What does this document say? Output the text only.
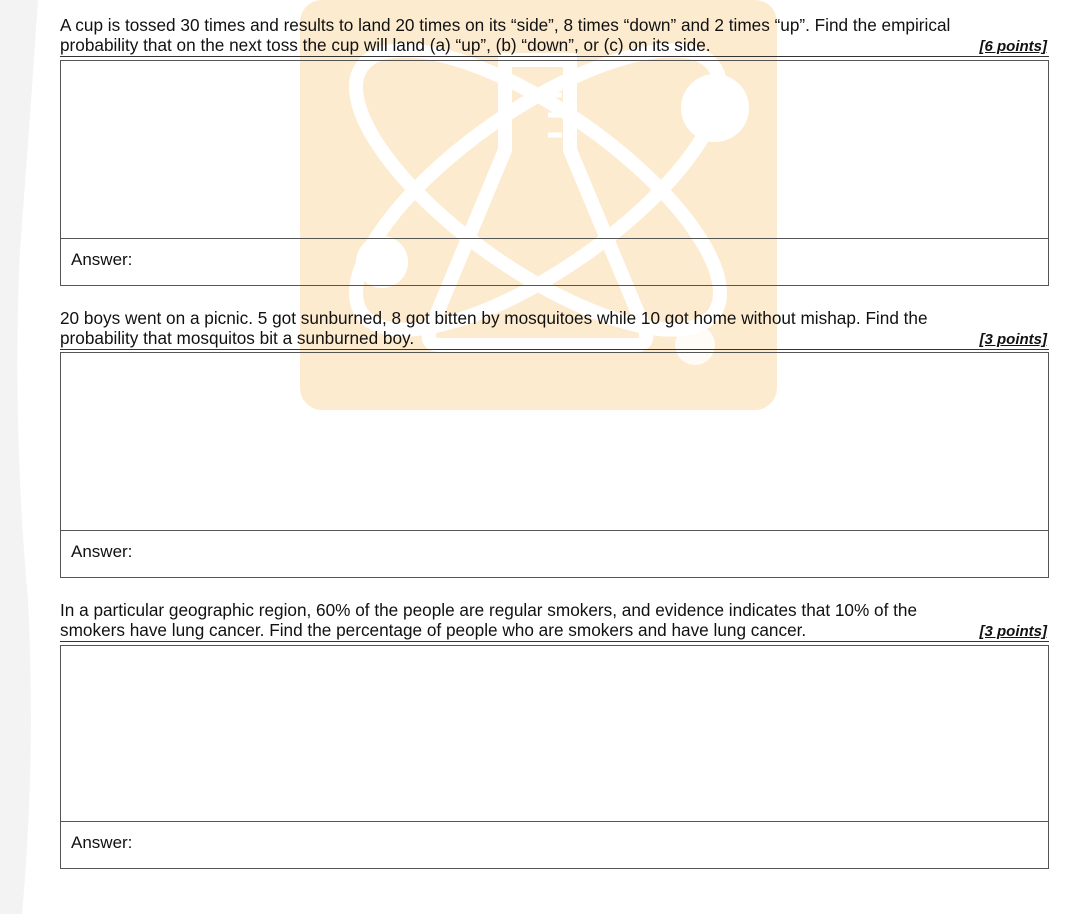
A cup is tossed 30 times and results to land 20 times on its “side”, 8 times “down” and 2 times “up”. Find the empirical

probability that on the next toss the cup will land (a) “up”, (b) “down”, or (c) on its side.	[6 points]
Answer:

20 boys went on a picnic. 5 got sunburned, 8 got bitten by mosquitoes while 10 got home without mishap. Find the

probability that mosquitos bit a sunburned boy.	[3 points]
Answer:

In a particular geographic region, 60% of the people are regular smokers, and evidence indicates that 10% of the

smokers have lung cancer. Find the percentage of people who are smokers and have lung cancer.	[3 points]
Answer:
